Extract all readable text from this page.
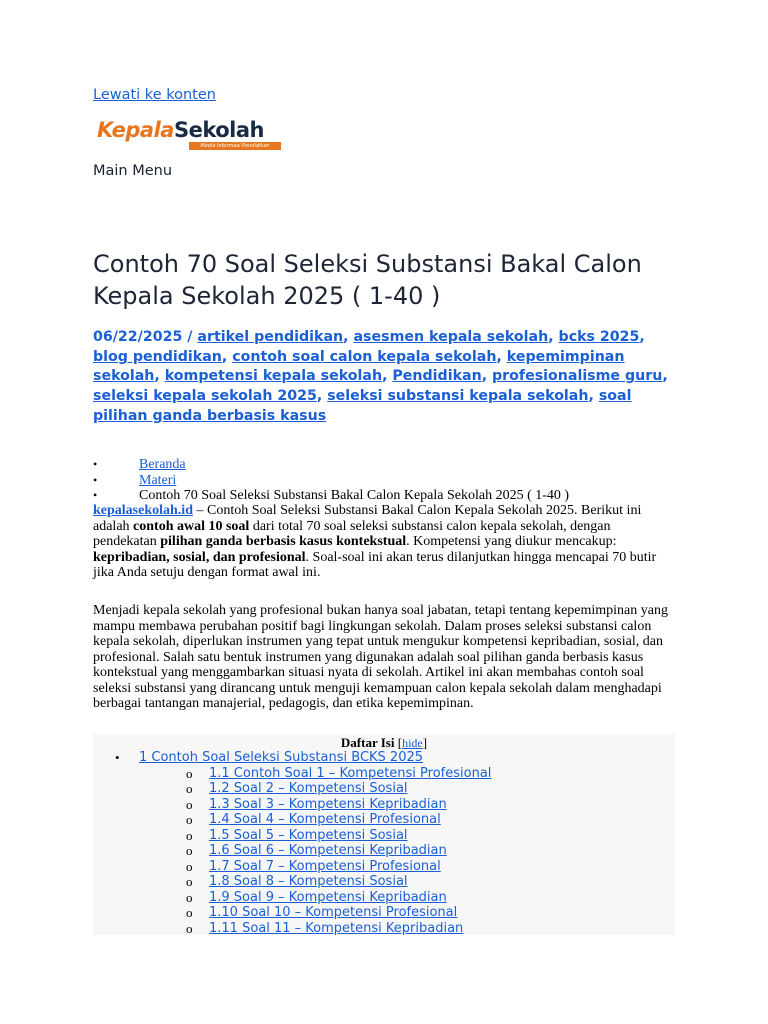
Lewati ke konten
KepalaSekolah
Media Informasi Pendidikan
Main Menu
Contoh 70 Soal Seleksi Substansi Bakal Calon Kepala Sekolah 2025 ( 1-40 )
06/22/2025 / artikel pendidikan, asesmen kepala sekolah, bcks 2025, blog pendidikan, contoh soal calon kepala sekolah, kepemimpinan sekolah, kompetensi kepala sekolah, Pendidikan, profesionalisme guru, seleksi kepala sekolah 2025, seleksi substansi kepala sekolah, soal pilihan ganda berbasis kasus
• Beranda
• Materi
• Contoh 70 Soal Seleksi Substansi Bakal Calon Kepala Sekolah 2025 ( 1-40 )

kepalasekolah.id – Contoh Soal Seleksi Substansi Bakal Calon Kepala Sekolah 2025. Berikut ini adalah contoh awal 10 soal dari total 70 soal seleksi substansi calon kepala sekolah, dengan pendekatan pilihan ganda berbasis kasus kontekstual. Kompetensi yang diukur mencakup: kepribadian, sosial, dan profesional. Soal-soal ini akan terus dilanjutkan hingga mencapai 70 butir jika Anda setuju dengan format awal ini.

Menjadi kepala sekolah yang profesional bukan hanya soal jabatan, tetapi tentang kepemimpinan yang mampu membawa perubahan positif bagi lingkungan sekolah. Dalam proses seleksi substansi calon kepala sekolah, diperlukan instrumen yang tepat untuk mengukur kompetensi kepribadian, sosial, dan profesional. Salah satu bentuk instrumen yang digunakan adalah soal pilihan ganda berbasis kasus kontekstual yang menggambarkan situasi nyata di sekolah. Artikel ini akan membahas contoh soal seleksi substansi yang dirancang untuk menguji kemampuan calon kepala sekolah dalam menghadapi berbagai tantangan manajerial, pedagogis, dan etika kepemimpinan.

Daftar Isi [hide]
• 1 Contoh Soal Seleksi Substansi BCKS 2025
o 1.1 Contoh Soal 1 – Kompetensi Profesional
o 1.2 Soal 2 – Kompetensi Sosial
o 1.3 Soal 3 – Kompetensi Kepribadian
o 1.4 Soal 4 – Kompetensi Profesional
o 1.5 Soal 5 – Kompetensi Sosial
o 1.6 Soal 6 – Kompetensi Kepribadian
o 1.7 Soal 7 – Kompetensi Profesional
o 1.8 Soal 8 – Kompetensi Sosial
o 1.9 Soal 9 – Kompetensi Kepribadian
o 1.10 Soal 10 – Kompetensi Profesional
o 1.11 Soal 11 – Kompetensi Kepribadian
